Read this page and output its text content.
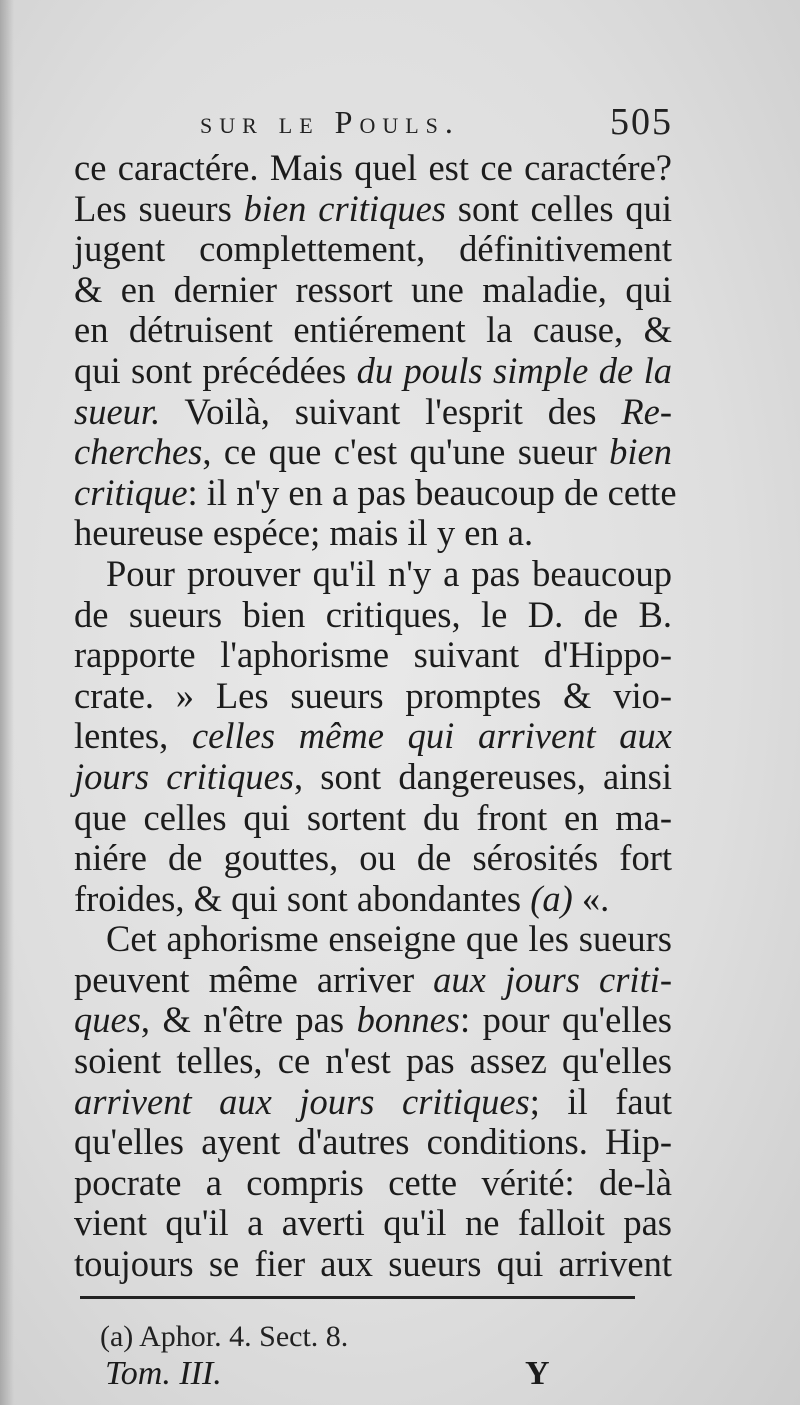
sur le Pouls.	505
ce caractére. Mais quel est ce caractére?
Les sueurs bien critiques sont celles qui
jugent complettement, définitivement
& en dernier ressort une maladie, qui
en détruisent entiérement la cause, &
qui sont précédées du pouls simple de la
sueur. Voilà, suivant l'esprit des Re-
cherches, ce que c'est qu'une sueur bien
critique: il n'y en a pas beaucoup de cette
heureuse espéce; mais il y en a.
Pour prouver qu'il n'y a pas beaucoup
de sueurs bien critiques, le D. de B.
rapporte l'aphorisme suivant d'Hippo-
crate. » Les sueurs promptes & vio-
lentes, celles même qui arrivent aux
jours critiques, sont dangereuses, ainsi
que celles qui sortent du front en ma-
niére de gouttes, ou de sérosités fort
froides, & qui sont abondantes (a) «.
Cet aphorisme enseigne que les sueurs
peuvent même arriver aux jours criti-
ques, & n'être pas bonnes: pour qu'elles
soient telles, ce n'est pas assez qu'elles
arrivent aux jours critiques; il faut
qu'elles ayent d'autres conditions. Hip-
pocrate a compris cette vérité: de-là
vient qu'il a averti qu'il ne falloit pas
toujours se fier aux sueurs qui arrivent
(a) Aphor. 4. Sect. 8.
Tom. III.	Y
